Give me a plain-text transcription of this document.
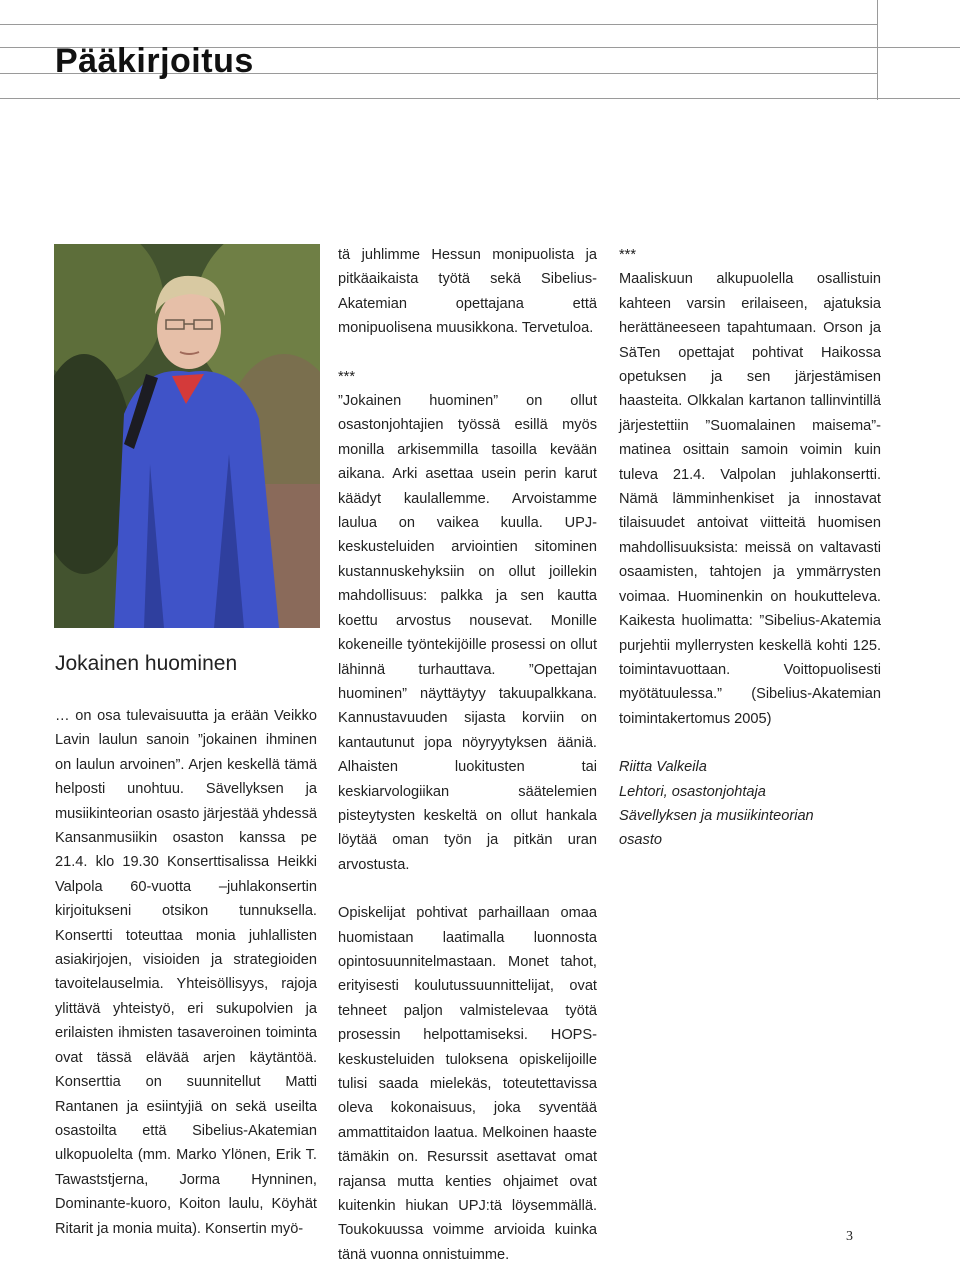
Pääkirjoitus
Jokainen huominen

… on osa tulevaisuutta ja erään Veikko Lavin laulun sanoin ”jokainen ihminen on laulun arvoinen”. Arjen keskellä tämä helposti unohtuu. Sävellyksen ja musiikinteorian osasto järjestää yhdessä Kansanmusiikin osaston kanssa pe 21.4. klo 19.30 Konserttisalissa Heikki Valpola 60-vuotta –juhlakonsertin kirjoitukseni otsikon tunnuksella. Konsertti toteuttaa monia juhlallisten asiakirjojen, visioiden ja strategioiden tavoitelauselmia. Yhteisöllisyys, rajoja ylittävä yhteistyö, eri sukupolvien ja erilaisten ihmisten tasaveroinen toiminta ovat tässä elävää arjen käytäntöä. Konserttia on suunnitellut Matti Rantanen ja esiintyjiä on sekä useilta osastoilta että Sibelius-Akatemian ulkopuolelta (mm. Marko Ylönen, Erik T. Tawaststjerna, Jorma Hynninen, Dominante-kuoro, Koiton laulu, Köyhät Ritarit ja monia muita). Konsertin myö-

tä juhlimme Hessun monipuolista ja pitkäaikaista työtä sekä Sibelius-Akatemian opettajana että monipuolisena muusikkona. Tervetuloa.

***

”Jokainen huominen” on ollut osastonjohtajien työssä esillä myös monilla arkisemmilla tasoilla kevään aikana. Arki asettaa usein perin karut käädyt kaulallemme. Arvoistamme laulua on vaikea kuulla. UPJ-keskusteluiden arviointien sitominen kustannuskehyksiin on ollut joillekin mahdollisuus: palkka ja sen kautta koettu arvostus nousevat. Monille kokeneille työntekijöille prosessi on ollut lähinnä turhauttava. ”Opettajan huominen” näyttäytyy takuupalkkana. Kannustavuuden sijasta korviin on kantautunut jopa nöyryytyksen ääniä. Alhaisten luokitusten tai keskiarvologiikan säätelemien pisteytysten keskeltä on ollut hankala löytää oman työn ja pitkän uran arvostusta.

Opiskelijat pohtivat parhaillaan omaa huomistaan laatimalla luonnosta opintosuunnitelmastaan. Monet tahot, erityisesti koulutussuunnittelijat, ovat tehneet paljon valmistelevaa työtä prosessin helpottamiseksi. HOPS-keskusteluiden tuloksena opiskelijoille tulisi saada mielekäs, toteutettavissa oleva kokonaisuus, joka syventää ammattitaidon laatua. Melkoinen haaste tämäkin on. Resurssit asettavat omat rajansa mutta kenties ohjaimet ovat kuitenkin hiukan UPJ:tä löysemmällä. Toukokuussa voimme arvioida kuinka tänä vuonna onnistuimme.

***

Maaliskuun alkupuolella osallistuin kahteen varsin erilaiseen, ajatuksia herättäneeseen tapahtumaan. Orson ja SäTen opettajat pohtivat Haikossa opetuksen ja sen järjestämisen haasteita. Olkkalan kartanon tallinvintillä järjestettiin ”Suomalainen maisema”- matinea osittain samoin voimin kuin tuleva 21.4. Valpolan juhlakonsertti. Nämä lämminhenkiset ja innostavat tilaisuudet antoivat viitteitä huomisen mahdollisuuksista: meissä on valtavasti osaamisten, tahtojen ja ymmärrysten voimaa. Huominenkin on houkutteleva. Kaikesta huolimatta: ”Sibelius-Akatemia purjehtii myllerrysten keskellä kohti 125. toimintavuottaan. Voittopuolisesti myötätuulessa.” (Sibelius-Akatemian toimintakertomus 2005)

Riitta Valkeila

Lehtori, osastonjohtaja

Sävellyksen ja musiikinteorian

osasto

3
